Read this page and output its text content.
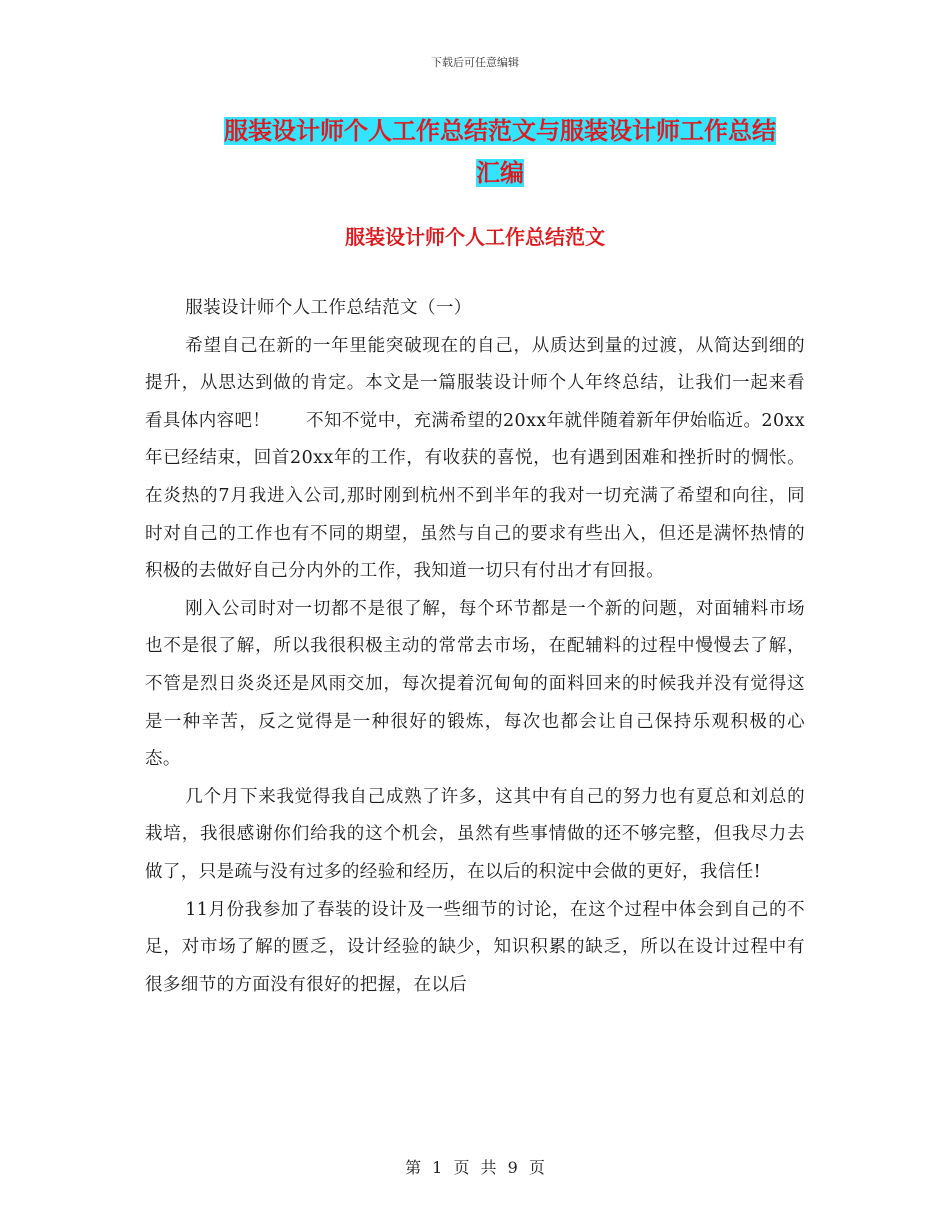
下载后可任意编辑
服装设计师个人工作总结范文与服装设计师工作总结
汇编
服装设计师个人工作总结范文

服装设计师个人工作总结范文（一）

希望自己在新的一年里能突破现在的自己，从质达到量的过渡，从简达到细的提升，从思达到做的肯定。本文是一篇服装设计师个人年终总结，让我们一起来看看具体内容吧！　　不知不觉中，充满希望的20xx年就伴随着新年伊始临近。20xx年已经结束，回首20xx年的工作，有收获的喜悦，也有遇到困难和挫折时的惆怅。在炎热的7月我进入公司,那时刚到杭州不到半年的我对一切充满了希望和向往，同时对自己的工作也有不同的期望，虽然与自己的要求有些出入，但还是满怀热情的积极的去做好自己分内外的工作，我知道一切只有付出才有回报。

刚入公司时对一切都不是很了解，每个环节都是一个新的问题，对面辅料市场也不是很了解，所以我很积极主动的常常去市场，在配辅料的过程中慢慢去了解，不管是烈日炎炎还是风雨交加，每次提着沉甸甸的面料回来的时候我并没有觉得这是一种辛苦，反之觉得是一种很好的锻炼，每次也都会让自己保持乐观积极的心态。

几个月下来我觉得我自己成熟了许多，这其中有自己的努力也有夏总和刘总的栽培，我很感谢你们给我的这个机会，虽然有些事情做的还不够完整，但我尽力去做了，只是疏与没有过多的经验和经历，在以后的积淀中会做的更好，我信任!

11月份我参加了春装的设计及一些细节的讨论，在这个过程中体会到自己的不足，对市场了解的匮乏，设计经验的缺少，知识积累的缺乏，所以在设计过程中有很多细节的方面没有很好的把握，在以后

第 1 页 共 9 页
